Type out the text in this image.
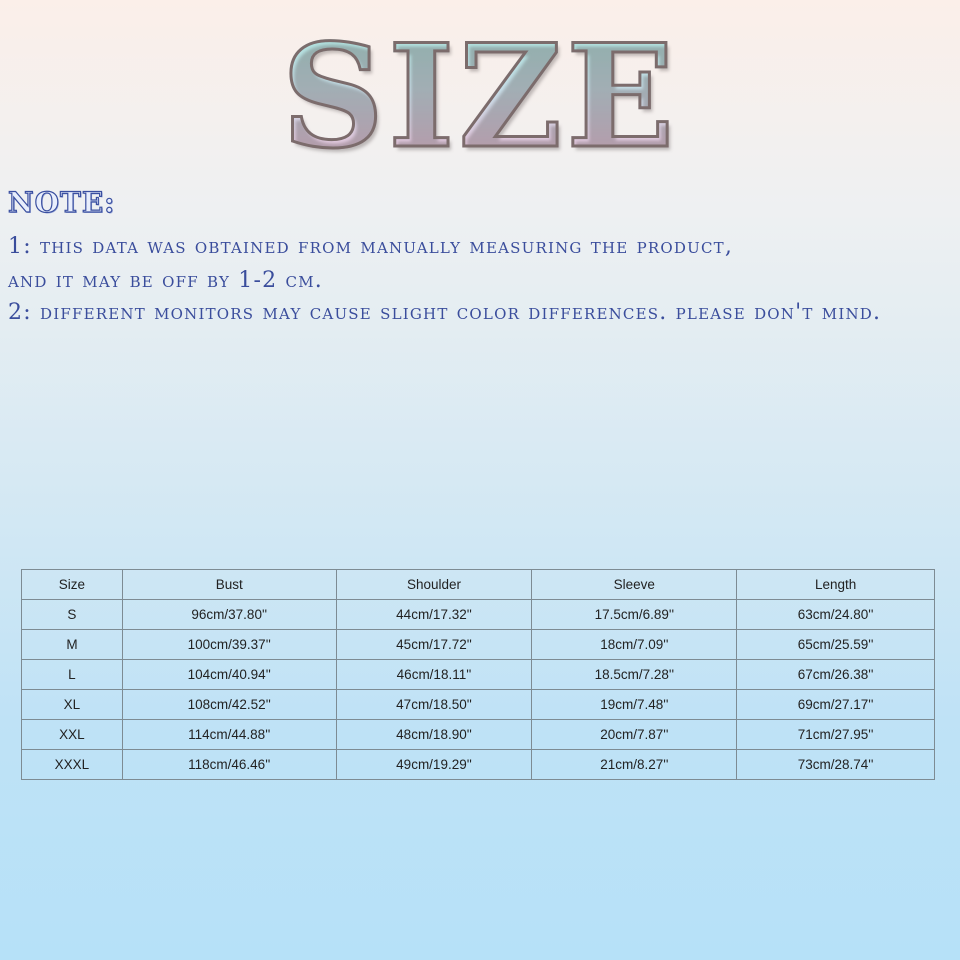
SIZE
NOTE:
1: this data was obtained from manually measuring the product,
and it may be off by 1-2 cm.
2: different monitors may cause slight color differences. please don't mind.
Size	Bust	Shoulder	Sleeve	Length
S	96cm/37.80''	44cm/17.32''	17.5cm/6.89''	63cm/24.80''
M	100cm/39.37''	45cm/17.72''	18cm/7.09''	65cm/25.59''
L	104cm/40.94''	46cm/18.11''	18.5cm/7.28''	67cm/26.38''
XL	108cm/42.52''	47cm/18.50''	19cm/7.48''	69cm/27.17''
XXL	114cm/44.88''	48cm/18.90''	20cm/7.87''	71cm/27.95''
XXXL	118cm/46.46''	49cm/19.29''	21cm/8.27''	73cm/28.74''
